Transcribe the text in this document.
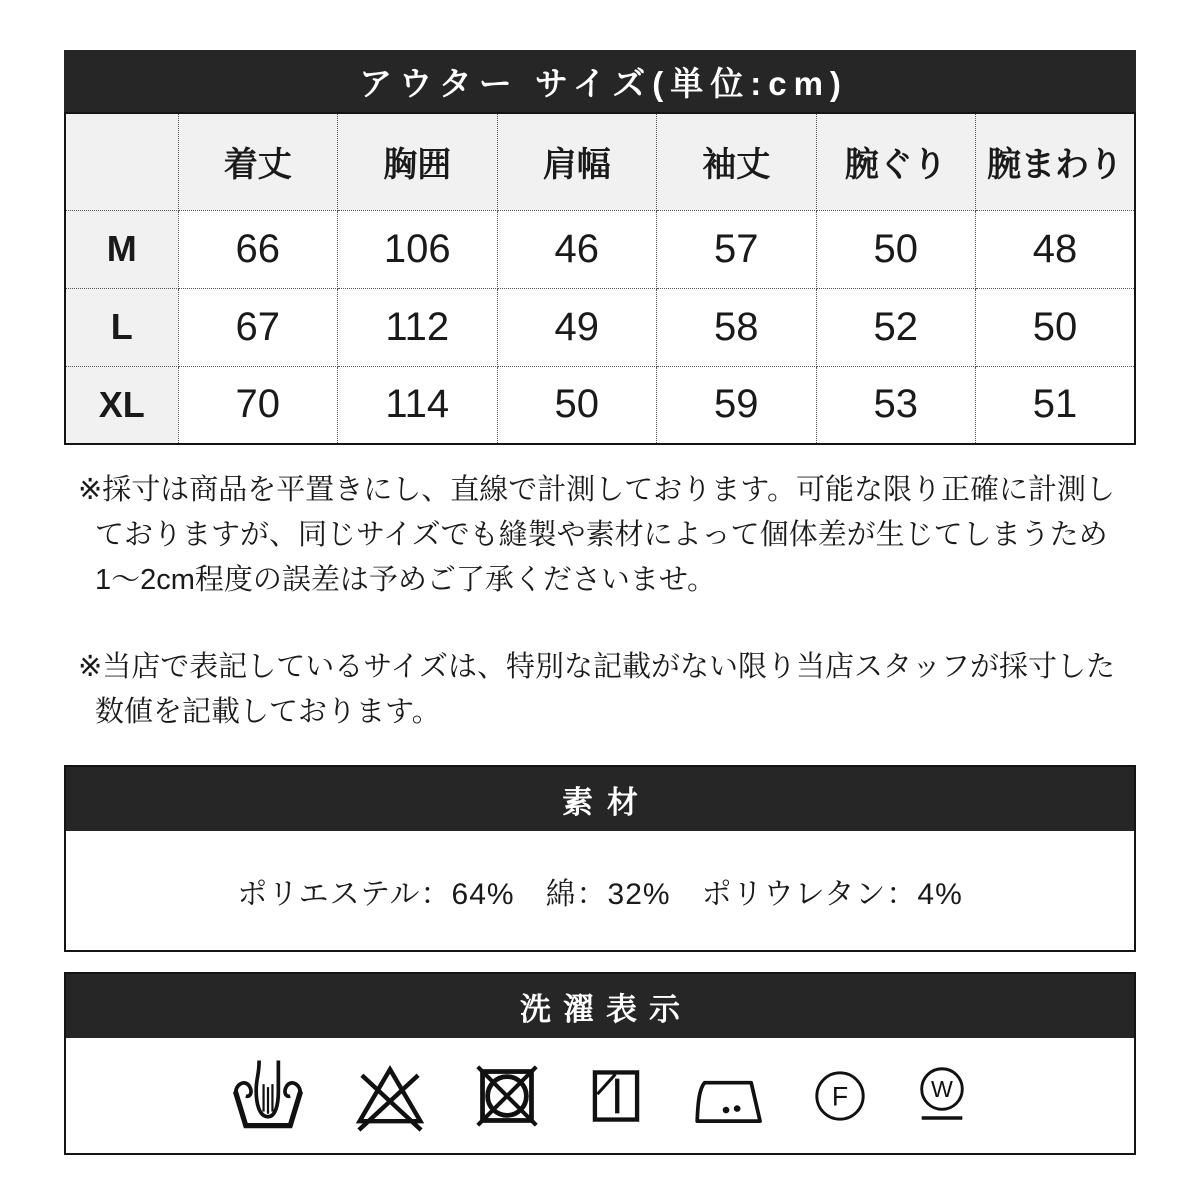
アウター サイズ(単位:cm)
	着丈	胸囲	肩幅	袖丈	腕ぐり	腕まわり
M	66	106	46	57	50	48
L	67	112	49	58	52	50
XL	70	114	50	59	53	51
※採寸は商品を平置きにし、直線で計測しております。可能な限り正確に計測し
ておりますが、同じサイズでも縫製や素材によって個体差が生じてしまうため
1〜2cm程度の誤差は予めご了承くださいませ。
※当店で表記しているサイズは、特別な記載がない限り当店スタッフが採寸した
数値を記載しております。
素材
ポリエステル：64%　綿：32%　ポリウレタン：4%
洗濯表示
F W
